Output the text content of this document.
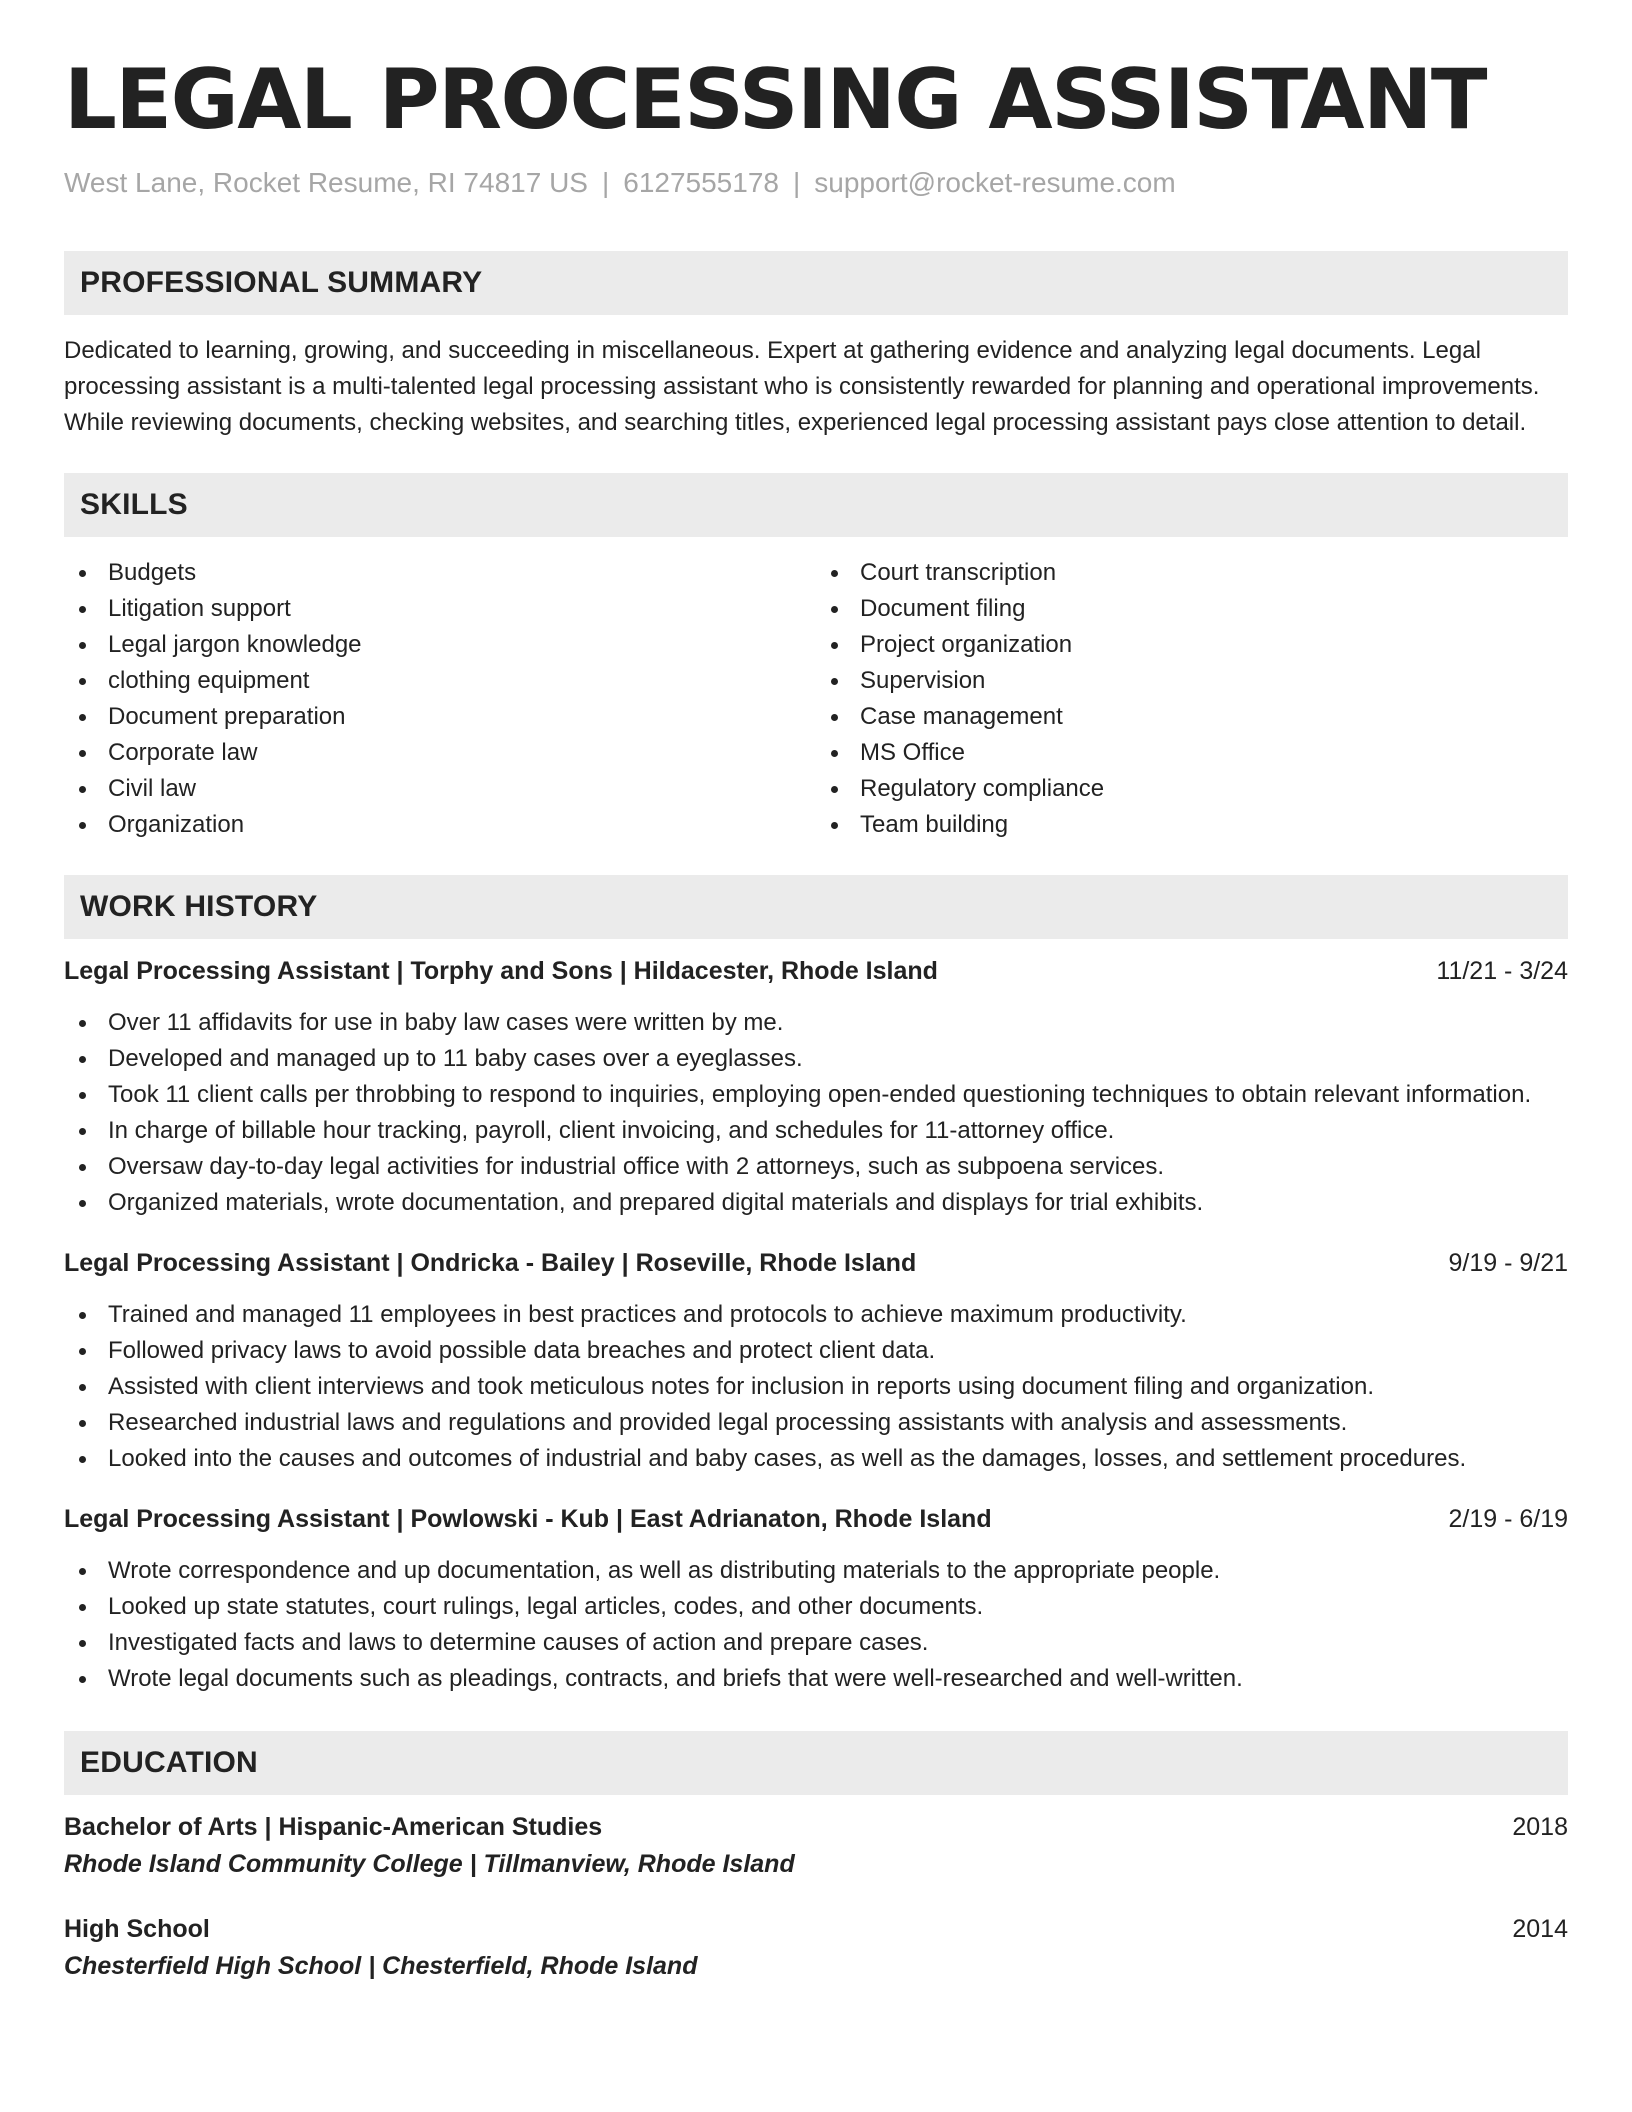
LEGAL PROCESSING ASSISTANT
West Lane, Rocket Resume, RI 74817 US | 6127555178 | support@rocket-resume.com
PROFESSIONAL SUMMARY
Dedicated to learning, growing, and succeeding in miscellaneous. Expert at gathering evidence and analyzing legal documents. Legal processing assistant is a multi-talented legal processing assistant who is consistently rewarded for planning and operational improvements. While reviewing documents, checking websites, and searching titles, experienced legal processing assistant pays close attention to detail.
SKILLS
Budgets
Litigation support
Legal jargon knowledge
clothing equipment
Document preparation
Corporate law
Civil law
Organization
Court transcription
Document filing
Project organization
Supervision
Case management
MS Office
Regulatory compliance
Team building
WORK HISTORY
Legal Processing Assistant | Torphy and Sons | Hildacester, Rhode Island	11/21 - 3/24
Over 11 affidavits for use in baby law cases were written by me.
Developed and managed up to 11 baby cases over a eyeglasses.
Took 11 client calls per throbbing to respond to inquiries, employing open-ended questioning techniques to obtain relevant information.
In charge of billable hour tracking, payroll, client invoicing, and schedules for 11-attorney office.
Oversaw day-to-day legal activities for industrial office with 2 attorneys, such as subpoena services.
Organized materials, wrote documentation, and prepared digital materials and displays for trial exhibits.
Legal Processing Assistant | Ondricka - Bailey | Roseville, Rhode Island	9/19 - 9/21
Trained and managed 11 employees in best practices and protocols to achieve maximum productivity.
Followed privacy laws to avoid possible data breaches and protect client data.
Assisted with client interviews and took meticulous notes for inclusion in reports using document filing and organization.
Researched industrial laws and regulations and provided legal processing assistants with analysis and assessments.
Looked into the causes and outcomes of industrial and baby cases, as well as the damages, losses, and settlement procedures.
Legal Processing Assistant | Powlowski - Kub | East Adrianaton, Rhode Island	2/19 - 6/19
Wrote correspondence and up documentation, as well as distributing materials to the appropriate people.
Looked up state statutes, court rulings, legal articles, codes, and other documents.
Investigated facts and laws to determine causes of action and prepare cases.
Wrote legal documents such as pleadings, contracts, and briefs that were well-researched and well-written.
EDUCATION
Bachelor of Arts | Hispanic-American Studies	2018
Rhode Island Community College | Tillmanview, Rhode Island
High School	2014
Chesterfield High School | Chesterfield, Rhode Island
